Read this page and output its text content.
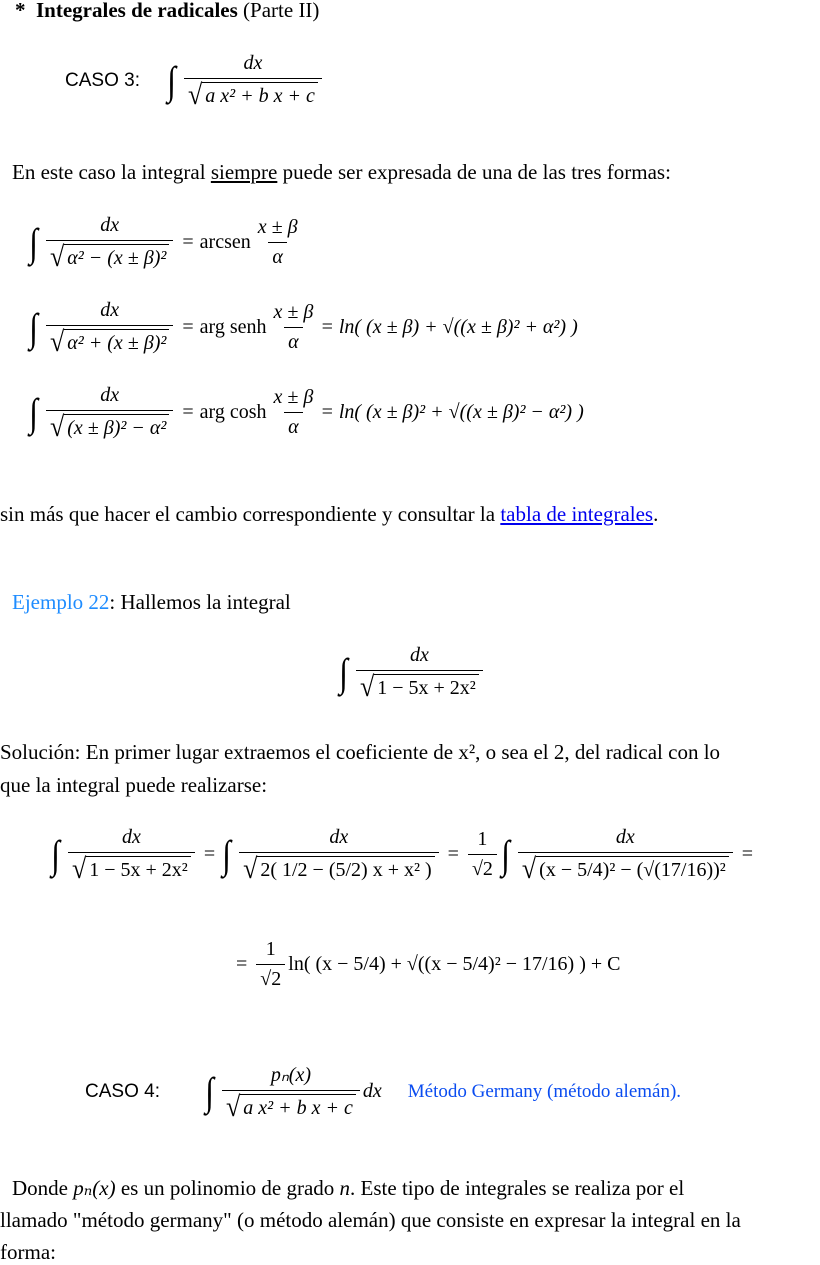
* Integrales de radicales (Parte II)
CASO 3: ∫ $\frac{dx}{\text{√ a x² + b x + c}}$
En este caso la integral siempre puede ser expresada de una de las tres formas:
∫ $\frac{dx}{\text{√ α² − (x ± β)²}}$ = arcsen $\frac{x \pm \beta}{\alpha}$
∫ $\frac{dx}{\text{√ α² + (x ± β)²}}$ = arg senh $\frac{x \pm \beta}{\alpha} = \ln$( (x ± β) + √((x ± β)² + α²) )
∫ $\frac{dx}{\text{√ (x ± β)² − α²}}$ = arg $\cosh \frac{x \pm \beta}{\alpha} = \ln$( (x ± β)² + √((x ± β)² − α²) )
sin más que hacer el cambio correspondiente y consultar la tabla de integrales.
Ejemplo 22: Hallemos la integral
∫ $\frac{dx}{\text{√ 1 − 5x + 2x²}}$
Solución: En primer lugar extraemos el coeficiente de x², o sea el 2, del radical con lo
que la integral puede realizarse:
∫ $\frac{dx}{\text{√ 1 − 5x + 2x²}}$ = ∫ $\frac{dx}{\text{√ 2( 1/2 − (5/2) x + x² )}} = \frac{1}{√2}$ ∫ $\frac{dx}{\text{√ (x − 5/4)² − (√(17/16))²}}$ =
= $\frac{1}{√2} \ln$( (x − 5/4) + √((x − 5/4)² − 17/16) ) + C
CASO 4: ∫ $\frac{\text{pₙ(x)}}{\text{√ a x² + b x + c}}$ dx Método Germany (método alemán).
Donde pₙ(x) es un polinomio de grado n. Este tipo de integrales se realiza por el
llamado "método germany" (o método alemán) que consiste en expresar la integral en la
forma:
